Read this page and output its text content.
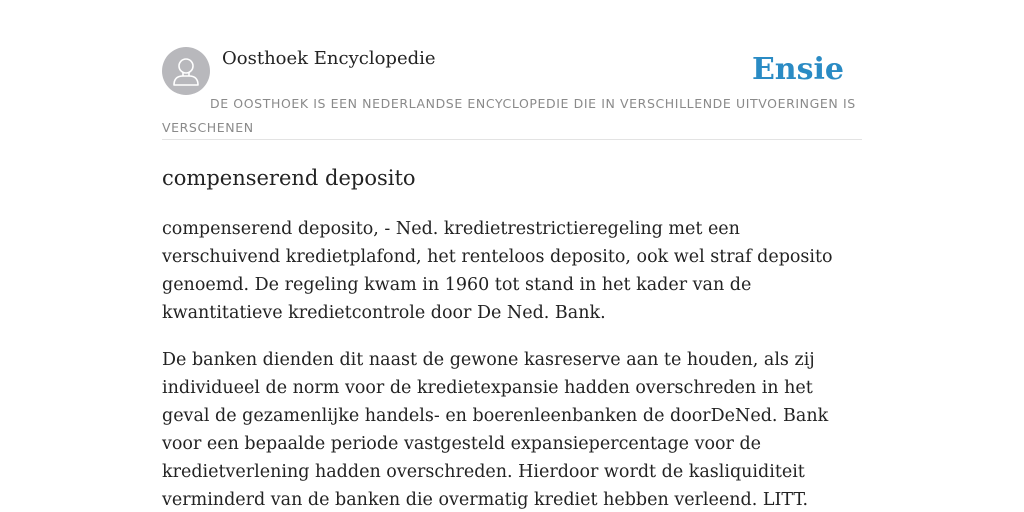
Oosthoek Encyclopedie	Ensie
DE OOSTHOEK IS EEN NEDERLANDSE ENCYCLOPEDIE DIE IN VERSCHILLENDE UITVOERINGEN IS VERSCHENEN
compenserend deposito

compenserend deposito, - Ned. kredietrestrictieregeling met een verschuivend kredietplafond, het renteloos deposito, ook wel straf deposito genoemd. De regeling kwam in 1960 tot stand in het kader van de kwantitatieve kredietcontrole door De Ned. Bank.

De banken dienden dit naast de gewone kasreserve aan te houden, als zij individueel de norm voor de kredietexpansie hadden overschreden in het geval de gezamenlijke handels- en boerenleenbanken de doorDeNed. Bank voor een bepaalde periode vastgesteld expansiepercentage voor de kredietverlening hadden overschreden. Hierdoor wordt de kasliquiditeit verminderd van de banken die overmatig krediet hebben verleend. LITT.
